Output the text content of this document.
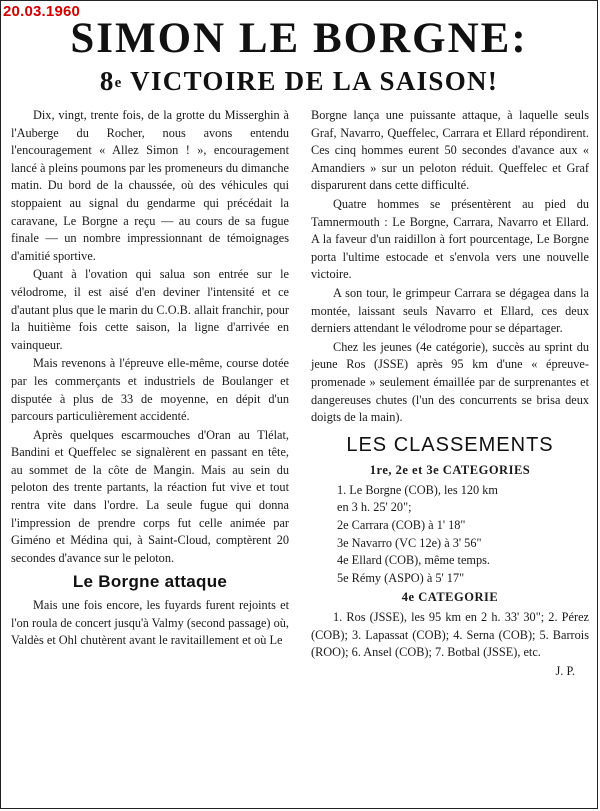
20.03.1960
SIMON LE BORGNE:
8e VICTOIRE DE LA SAISON!

Dix, vingt, trente fois, de la grotte du Misserghin à l'Auberge du Rocher, nous avons entendu l'encouragement « Allez Simon ! », encouragement lancé à pleins poumons par les promeneurs du dimanche matin. Du bord de la chaussée, où des véhicules qui stoppaient au signal du gendarme qui précédait la caravane, Le Borgne a reçu — au cours de sa fugue finale — un nombre impressionnant de témoignages d'amitié sportive.

Quant à l'ovation qui salua son entrée sur le vélodrome, il est aisé d'en deviner l'intensité et ce d'autant plus que le marin du C.O.B. allait franchir, pour la huitième fois cette saison, la ligne d'arrivée en vainqueur.

Mais revenons à l'épreuve elle-même, course dotée par les commerçants et industriels de Boulanger et disputée à plus de 33 de moyenne, en dépit d'un parcours particulièrement accidenté.

Après quelques escarmouches d'Oran au Tlélat, Bandini et Queffelec se signalèrent en passant en tête, au sommet de la côte de Mangin. Mais au sein du peloton des trente partants, la réaction fut vive et tout rentra vite dans l'ordre. La seule fugue qui donna l'impression de prendre corps fut celle animée par Giméno et Médina qui, à Saint-Cloud, comptèrent 20 secondes d'avance sur le peloton.

Le Borgne attaque

Mais une fois encore, les fuyards furent rejoints et l'on roula de concert jusqu'à Valmy (second passage) où, Valdès et Ohl chutèrent avant le ravitaillement et où Le

Borgne lança une puissante attaque, à laquelle seuls Graf, Navarro, Queffelec, Carrara et Ellard répondirent. Ces cinq hommes eurent 50 secondes d'avance aux « Amandiers » sur un peloton réduit. Queffelec et Graf disparurent dans cette difficulté.

Quatre hommes se présentèrent au pied du Tamnermouth : Le Borgne, Carrara, Navarro et Ellard. A la faveur d'un raidillon à fort pourcentage, Le Borgne porta l'ultime estocade et s'envola vers une nouvelle victoire.

A son tour, le grimpeur Carrara se dégagea dans la montée, laissant seuls Navarro et Ellard, ces deux derniers attendant le vélodrome pour se départager.

Chez les jeunes (4e catégorie), succès au sprint du jeune Ros (JSSE) après 95 km d'une « épreuve-promenade » seulement émaillée par de surprenantes et dangereuses chutes (l'un des concurrents se brisa deux doigts de la main).

LES CLASSEMENTS
1re, 2e et 3e CATEGORIES
1. Le Borgne (COB), les 120 km
en 3 h. 25' 20";
2e Carrara (COB) à 1' 18"
3e Navarro (VC 12e) à 3' 56"
4e Ellard (COB), même temps.
5e Rémy (ASPO) à 5' 17"
4e CATEGORIE

1. Ros (JSSE), les 95 km en 2 h. 33' 30"; 2. Pérez (COB); 3. Lapassat (COB); 4. Serna (COB); 5. Barrois (ROO); 6. Ansel (COB); 7. Botbal (JSSE), etc.

J. P.
